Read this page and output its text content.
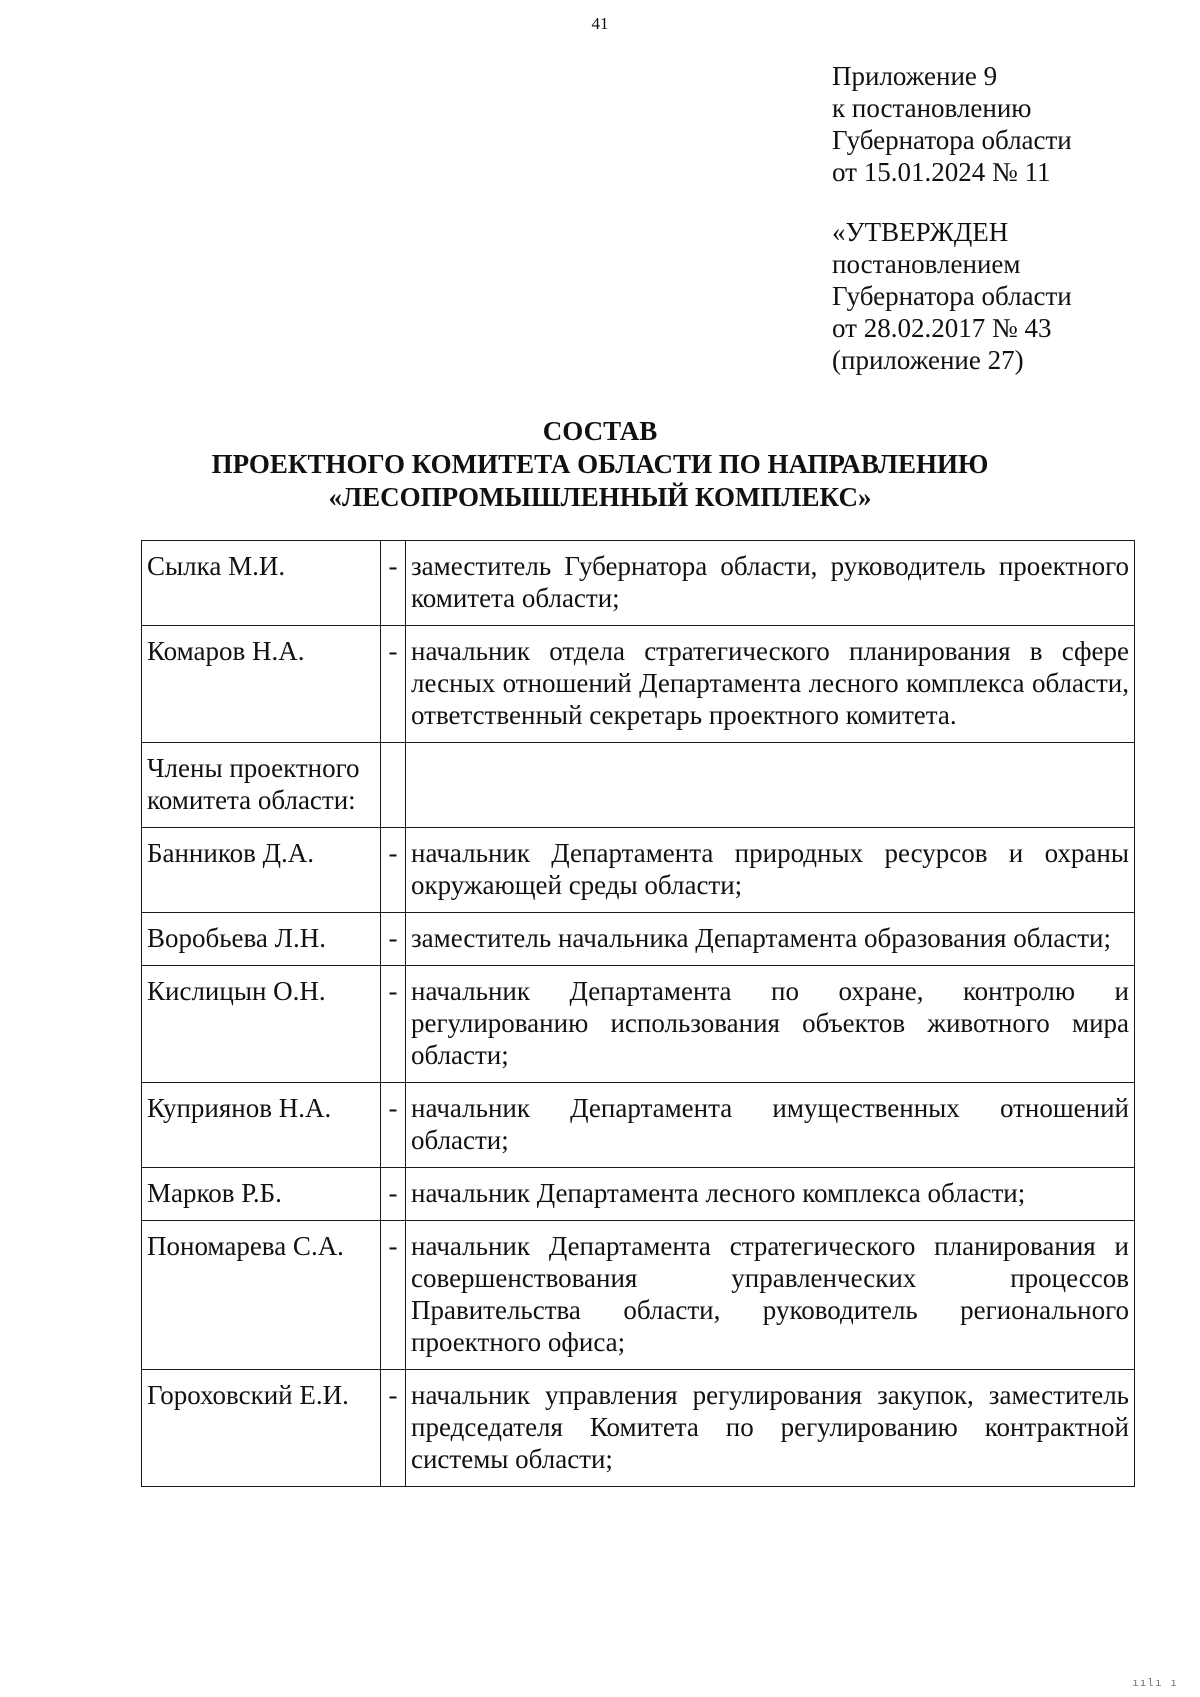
41
Приложение 9
к постановлению
Губернатора области
от 15.01.2024 № 11
«УТВЕРЖДЕН
постановлением
Губернатора области
от 28.02.2017 № 43
(приложение 27)
СОСТАВ
ПРОЕКТНОГО КОМИТЕТА ОБЛАСТИ ПО НАПРАВЛЕНИЮ
«ЛЕСОПРОМЫШЛЕННЫЙ КОМПЛЕКС»
Сылка М.И.	-	заместитель Губернатора области, руководитель проектного комитета области;
Комаров Н.А.	-	начальник отдела стратегического планирования в сфере лесных отношений Департамента лесного комплекса области, ответственный секретарь проектного комитета.
Члены проектного комитета области:		
Банников Д.А.	-	начальник Департамента природных ресурсов и охраны окружающей среды области;
Воробьева Л.Н.	-	заместитель начальника Департамента образования области;
Кислицын О.Н.	-	начальник Департамента по охране, контролю и регулированию использования объектов животного мира области;
Куприянов Н.А.	-	начальник Департамента имущественных отношений области;
Марков Р.Б.	-	начальник Департамента лесного комплекса области;
Пономарева С.А.	-	начальник Департамента стратегического планирования и совершенствования управленческих процессов Правительства области, руководитель регионального проектного офиса;
Гороховский Е.И.	-	начальник управления регулирования закупок, заместитель председателя Комитета по регулированию контрактной системы области;
ıılı ı
